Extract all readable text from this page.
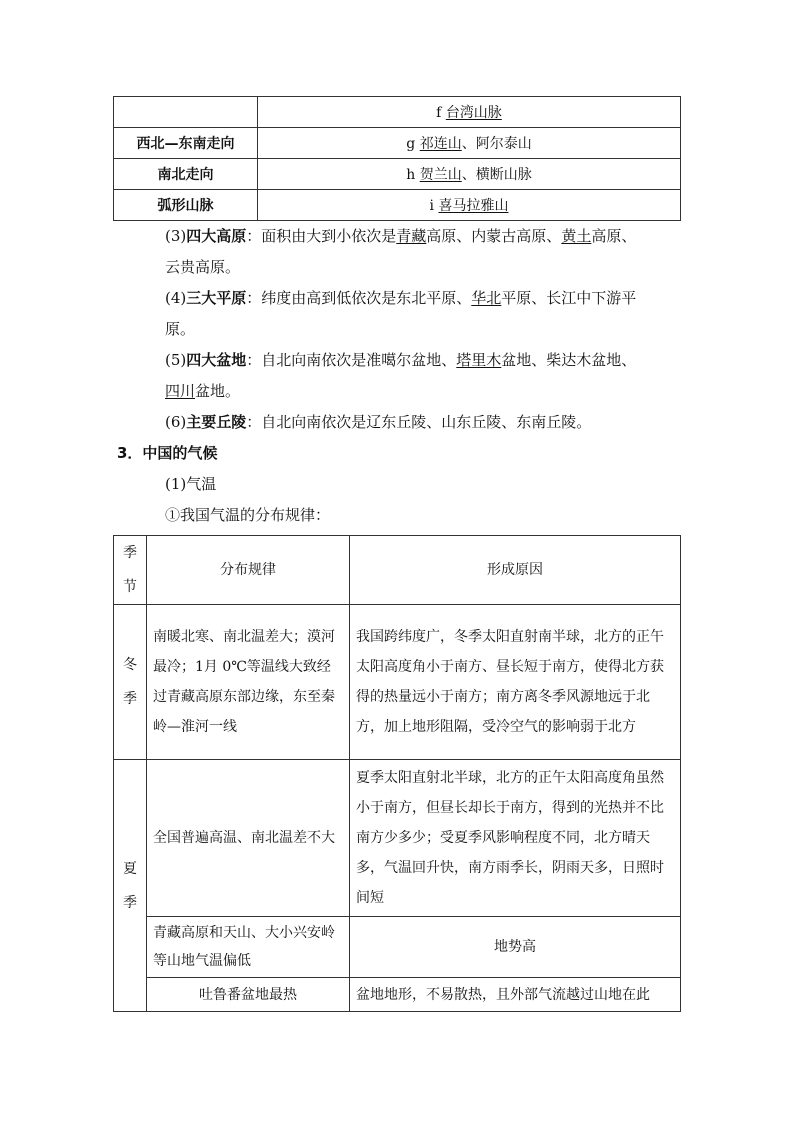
	f 台湾山脉
西北—东南走向	g 祁连山、阿尔泰山
南北走向	h 贺兰山、横断山脉
弧形山脉	i 喜马拉雅山
(3)四大高原：面积由大到小依次是青藏高原、内蒙古高原、黄土高原、
云贵高原。
(4)三大平原：纬度由高到低依次是东北平原、华北平原、长江中下游平
原。
(5)四大盆地：自北向南依次是准噶尔盆地、塔里木盆地、柴达木盆地、
四川盆地。
(6)主要丘陵：自北向南依次是辽东丘陵、山东丘陵、东南丘陵。
3．中国的气候
(1)气温
①我国气温的分布规律：
季
节	分布规律	形成原因

冬
季	南暖北寒、南北温差大；漠河最冷；1月 0℃等温线大致经过青藏高原东部边缘，东至秦岭—淮河一线	我国跨纬度广，冬季太阳直射南半球，北方的正午太阳高度角小于南方、昼长短于南方，使得北方获得的热量远小于南方；南方离冬季风源地远于北方，加上地形阻隔，受冷空气的影响弱于北方

夏
季	全国普遍高温、南北温差不大	夏季太阳直射北半球，北方的正午太阳高度角虽然小于南方，但昼长却长于南方，得到的光热并不比南方少多少；受夏季风影响程度不同，北方晴天多，气温回升快，南方雨季长，阴雨天多，日照时间短
	青藏高原和天山、大小兴安岭等山地气温偏低	地势高
	吐鲁番盆地最热	盆地地形，不易散热，且外部气流越过山地在此
